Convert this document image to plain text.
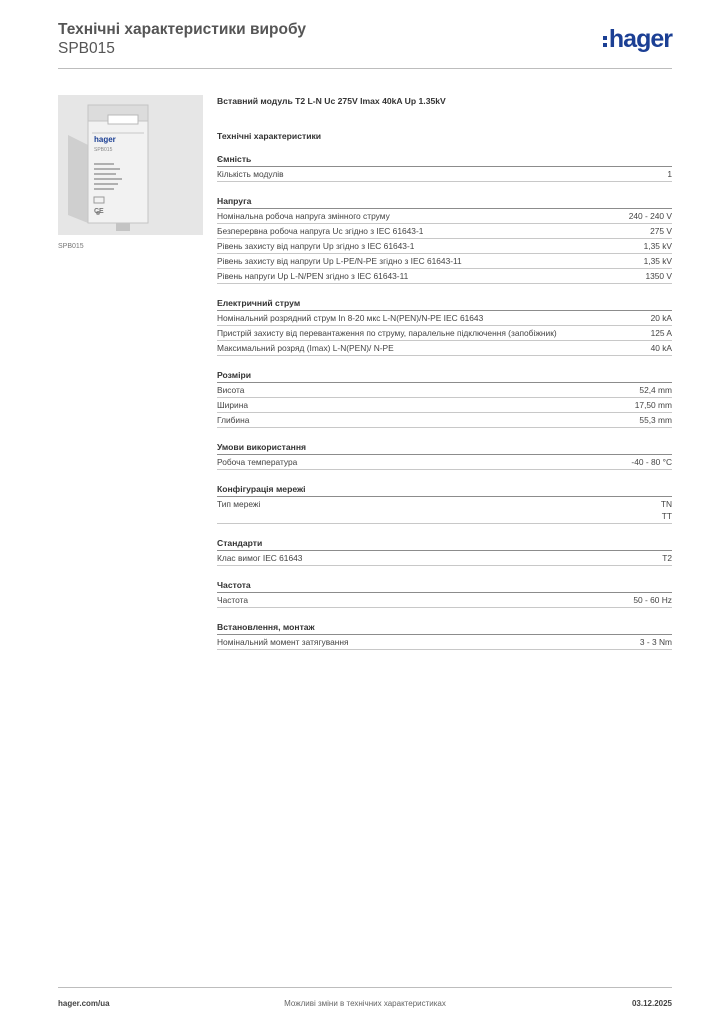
Технічні характеристики виробу
SPB015	hager
hager
SPB015
CE
SPB015
Вставний модуль T2 L-N Uc 275V Imax 40kA Up 1.35kV
Технічні характеристики
Ємність
Кількість модулів	1
Напруга
Номінальна робоча напруга змінного струму	240 - 240 V
Безперервна робоча напруга Uc згідно з IEC 61643-1	275 V
Рівень захисту від напруги Up згідно з IEC 61643-1	1,35 kV
Рівень захисту від напруги Up L-PE/N-PE згідно з IEC 61643-11	1,35 kV
Рівень напруги Up L-N/PEN згідно з IEC 61643-11	1350 V
Електричний струм
Номінальний розрядний струм In 8-20 мкс L-N(PEN)/N-PE IEC 61643	20 kA
Пристрій захисту від перевантаження по струму, паралельне підключення (запобіжник)	125 A
Максимальний розряд (Imax) L-N(PEN)/ N-PE	40 kA
Розміри
Висота	52,4 mm
Ширина	17,50 mm
Глибина	55,3 mm
Умови використання
Робоча температура	-40 - 80 °C
Конфігурація мережі
Тип мережі	TN
TT
Стандарти
Клас вимог IEC 61643	T2
Частота
Частота	50 - 60 Hz
Встановлення, монтаж
Номінальний момент затягування	3 - 3 Nm
hager.com/ua	Можливі зміни в технічних характеристиках	03.12.2025
